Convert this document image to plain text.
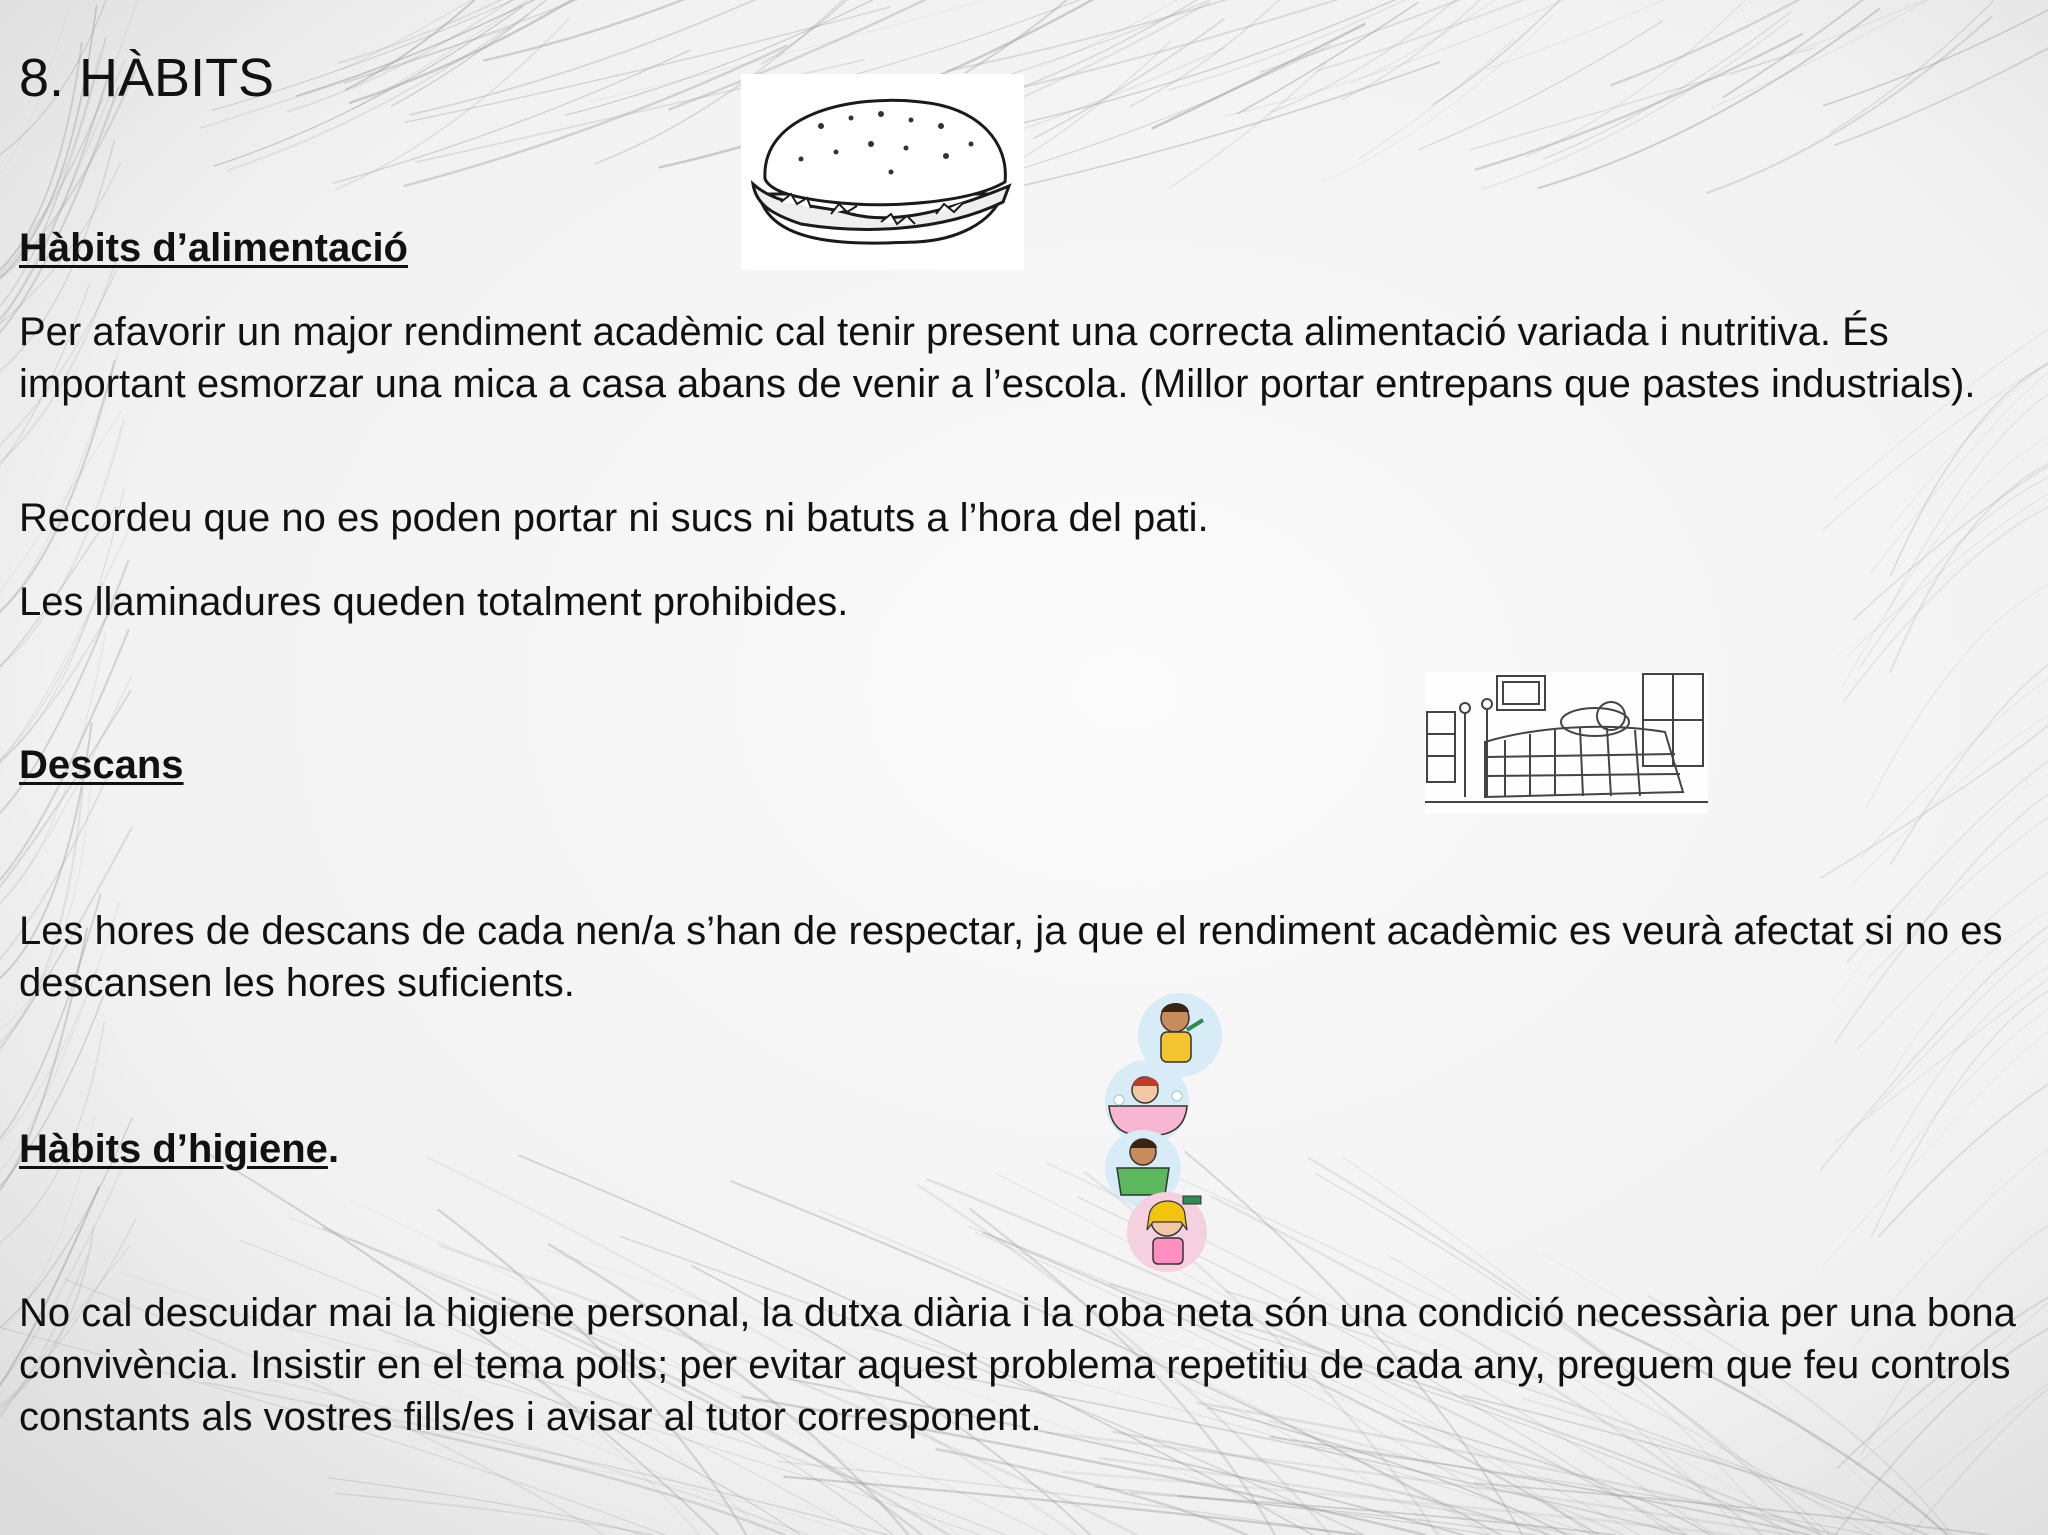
8. HÀBITS

Hàbits d’alimentació

Per afavorir un major rendiment acadèmic cal tenir present una correcta alimentació variada i nutritiva. És important esmorzar una mica a casa abans de venir a l’escola. (Millor portar entrepans que pastes industrials).

Recordeu que no es poden portar ni sucs ni batuts a l’hora del pati.

Les llaminadures queden totalment prohibides.

Descans

Les hores de descans de cada nen/a s’han de respectar, ja que el rendiment acadèmic es veurà afectat si no es descansen les hores suficients.

Hàbits d’higiene.

No cal descuidar mai la higiene personal, la dutxa diària i la roba neta són una condició necessària per una bona convivència. Insistir en el tema polls; per evitar aquest problema repetitiu de cada any, preguem que feu controls constants als vostres fills/es i avisar al tutor corresponent.
